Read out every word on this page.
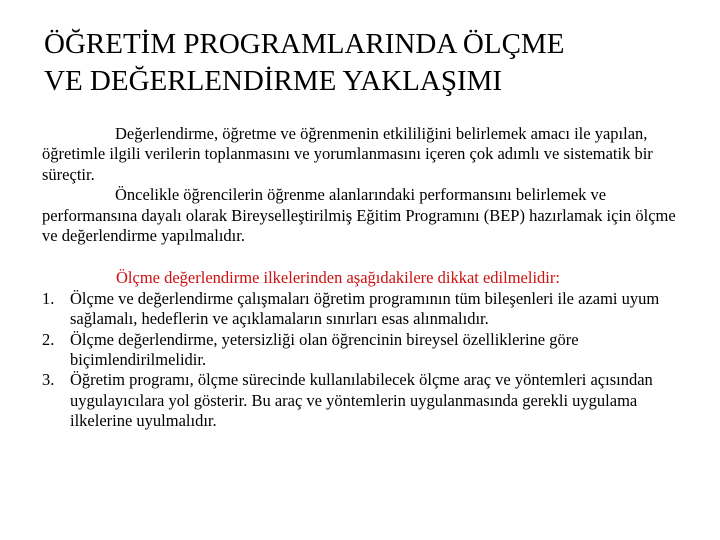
ÖĞRETİM PROGRAMLARINDA ÖLÇME
VE DEĞERLENDİRME YAKLAŞIMI

Değerlendirme, öğretme ve öğrenmenin etkililiğini belirlemek amacı ile yapılan, öğretimle ilgili verilerin toplanmasını ve yorumlanmasını içeren çok adımlı ve sistematik bir süreçtir.

Öncelikle öğrencilerin öğrenme alanlarındaki performansını belirlemek ve performansına dayalı olarak Bireyselleştirilmiş Eğitim Programını (BEP) hazırlamak için ölçme ve değerlendirme yapılmalıdır.

Ölçme değerlendirme ilkelerinden aşağıdakilere dikkat edilmelidir:

1. Ölçme ve değerlendirme çalışmaları öğretim programının tüm bileşenleri ile azami uyum sağlamalı, hedeflerin ve açıklamaların sınırları esas alınmalıdır.
2. Ölçme değerlendirme, yetersizliği olan öğrencinin bireysel özelliklerine göre biçimlendirilmelidir.
3. Öğretim programı, ölçme sürecinde kullanılabilecek ölçme araç ve yöntemleri açısından uygulayıcılara yol gösterir. Bu araç ve yöntemlerin uygulanmasında gerekli uygulama ilkelerine uyulmalıdır.
